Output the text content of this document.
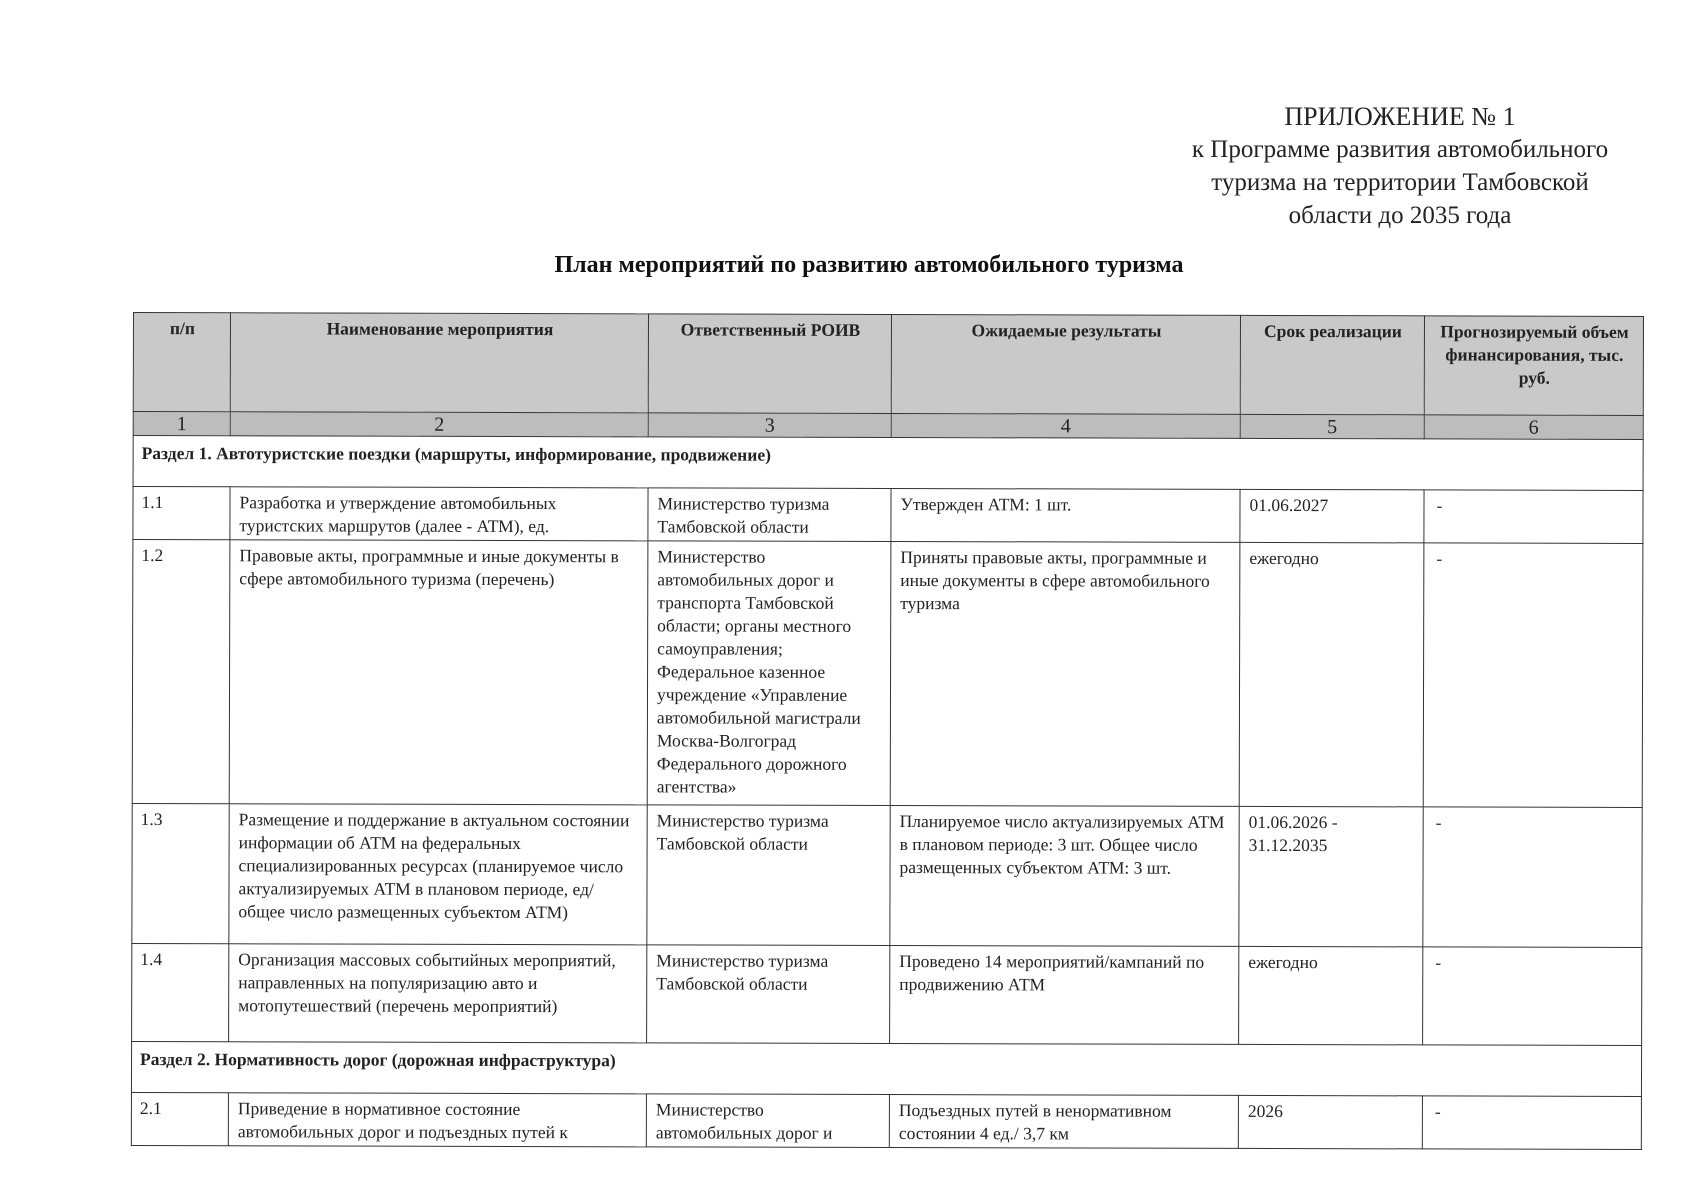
ПРИЛОЖЕНИЕ № 1
к Программе развития автомобильного
туризма на территории Тамбовской
области до 2035 года
План мероприятий по развитию автомобильного туризма
п/п	Наименование мероприятия	Ответственный РОИВ	Ожидаемые результаты	Срок реализации	Прогнозируемый объем финансирования, тыс. руб.
1	2	3	4	5	6
Раздел 1. Автотуристские поездки (маршруты, информирование, продвижение)					
1.1	Разработка и утверждение автомобильных туристских маршрутов (далее - АТМ), ед.	Министерство туризма Тамбовской области	Утвержден АТМ: 1 шт.	01.06.2027	-
1.2	Правовые акты, программные и иные документы в сфере автомобильного туризма (перечень)	Министерство автомобильных дорог и транспорта Тамбовской области; органы местного самоуправления; Федеральное казенное учреждение «Управление автомобильной магистрали Москва-Волгоград Федерального дорожного агентства»	Приняты правовые акты, программные и иные документы в сфере автомобильного туризма	ежегодно	-
1.3	Размещение и поддержание в актуальном состоянии информации об АТМ на федеральных специализированных ресурсах (планируемое число актуализируемых АТМ в плановом периоде, ед/общее число размещенных субъектом АТМ)	Министерство туризма Тамбовской области	Планируемое число актуализируемых АТМ в плановом периоде: 3 шт. Общее число размещенных субъектом АТМ: 3 шт.	01.06.2026 - 31.12.2035	-
1.4	Организация массовых событийных мероприятий, направленных на популяризацию авто и мотопутешествий (перечень мероприятий)	Министерство туризма Тамбовской области	Проведено 14 мероприятий/кампаний по продвижению АТМ	ежегодно	-
Раздел 2. Нормативность дорог (дорожная инфраструктура)					
2.1	Приведение в нормативное состояние автомобильных дорог и подъездных путей к	Министерство автомобильных дорог и	Подъездных путей в ненормативном состоянии 4 ед./ 3,7 км	2026	-
